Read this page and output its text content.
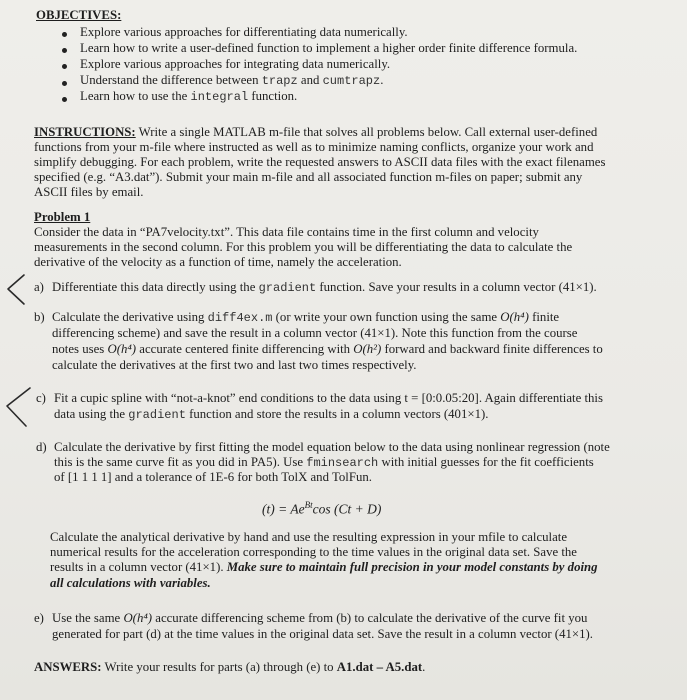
OBJECTIVES:
Explore various approaches for differentiating data numerically.
Learn how to write a user-defined function to implement a higher order finite difference formula.
Explore various approaches for integrating data numerically.
Understand the difference between trapz and cumtrapz.
Learn how to use the integral function.
INSTRUCTIONS: Write a single MATLAB m-file that solves all problems below. Call external user-defined
functions from your m-file where instructed as well as to minimize naming conflicts, organize your work and
simplify debugging. For each problem, write the requested answers to ASCII data files with the exact filenames
specified (e.g. “A3.dat”). Submit your main m-file and all associated function m-files on paper; submit any
ASCII files by email.
Problem 1
Consider the data in “PA7velocity.txt”. This data file contains time in the first column and velocity
measurements in the second column. For this problem you will be differentiating the data to calculate the
derivative of the velocity as a function of time, namely the acceleration.
a) Differentiate this data directly using the gradient function. Save your results in a column vector (41×1).
b) Calculate the derivative using diff4ex.m (or write your own function using the same O(h⁴) finite
differencing scheme) and save the result in a column vector (41×1). Note this function from the course
notes uses O(h⁴) accurate centered finite differencing with O(h²) forward and backward finite differences to
calculate the derivatives at the first two and last two times respectively.
c) Fit a cupic spline with “not-a-knot” end conditions to the data using t = [0:0.05:20]. Again differentiate this
data using the gradient function and store the results in a column vectors (401×1).
d) Calculate the derivative by first fitting the model equation below to the data using nonlinear regression (note
this is the same curve fit as you did in PA5). Use fminsearch with initial guesses for the fit coefficients
of [1 1 1 1] and a tolerance of 1E-6 for both TolX and TolFun.
$(t) = Ae^{Bt}\cos$ (Ct + D)
Calculate the analytical derivative by hand and use the resulting expression in your mfile to calculate
numerical results for the acceleration corresponding to the time values in the original data set. Save the
results in a column vector (41×1). Make sure to maintain full precision in your model constants by doing
all calculations with variables.
e) Use the same O(h⁴) accurate differencing scheme from (b) to calculate the derivative of the curve fit you
generated for part (d) at the time values in the original data set. Save the result in a column vector (41×1).
ANSWERS: Write your results for parts (a) through (e) to A1.dat – A5.dat.
